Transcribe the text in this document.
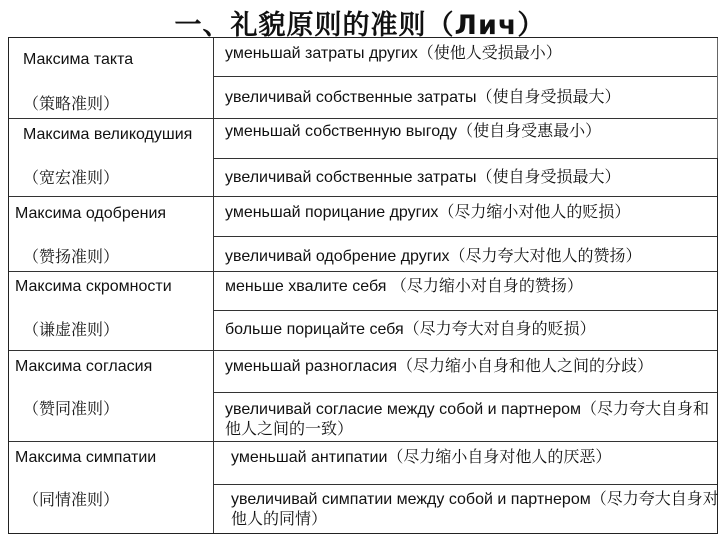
一、礼貌原则的准则（Лич）
Максима такта
（策略准则）
уменьшай затраты других（使他人受损最小）
увеличивай собственные затраты（使自身受损最大）
Максима великодушия
（宽宏准则）
уменьшай собственную выгоду（使自身受惠最小）
увеличивай собственные затраты（使自身受损最大）
Максима одобрения
（赞扬准则）
уменьшай порицание других（尽力缩小对他人的贬损）
увеличивай одобрение других（尽力夸大对他人的赞扬）
Максима скромности
（谦虚准则）
меньше хвалите себя （尽力缩小对自身的赞扬）
больше порицайте себя（尽力夸大对自身的贬损）
Максима согласия
（赞同准则）
уменьшай разногласия（尽力缩小自身和他人之间的分歧）
увеличивай согласие между собой и партнером（尽力夸大自身和他人之间的一致）
Максима симпатии
（同情准则）
уменьшай антипатии（尽力缩小自身对他人的厌恶）
увеличивай симпатии между собой и партнером（尽力夸大自身对他人的同情）
